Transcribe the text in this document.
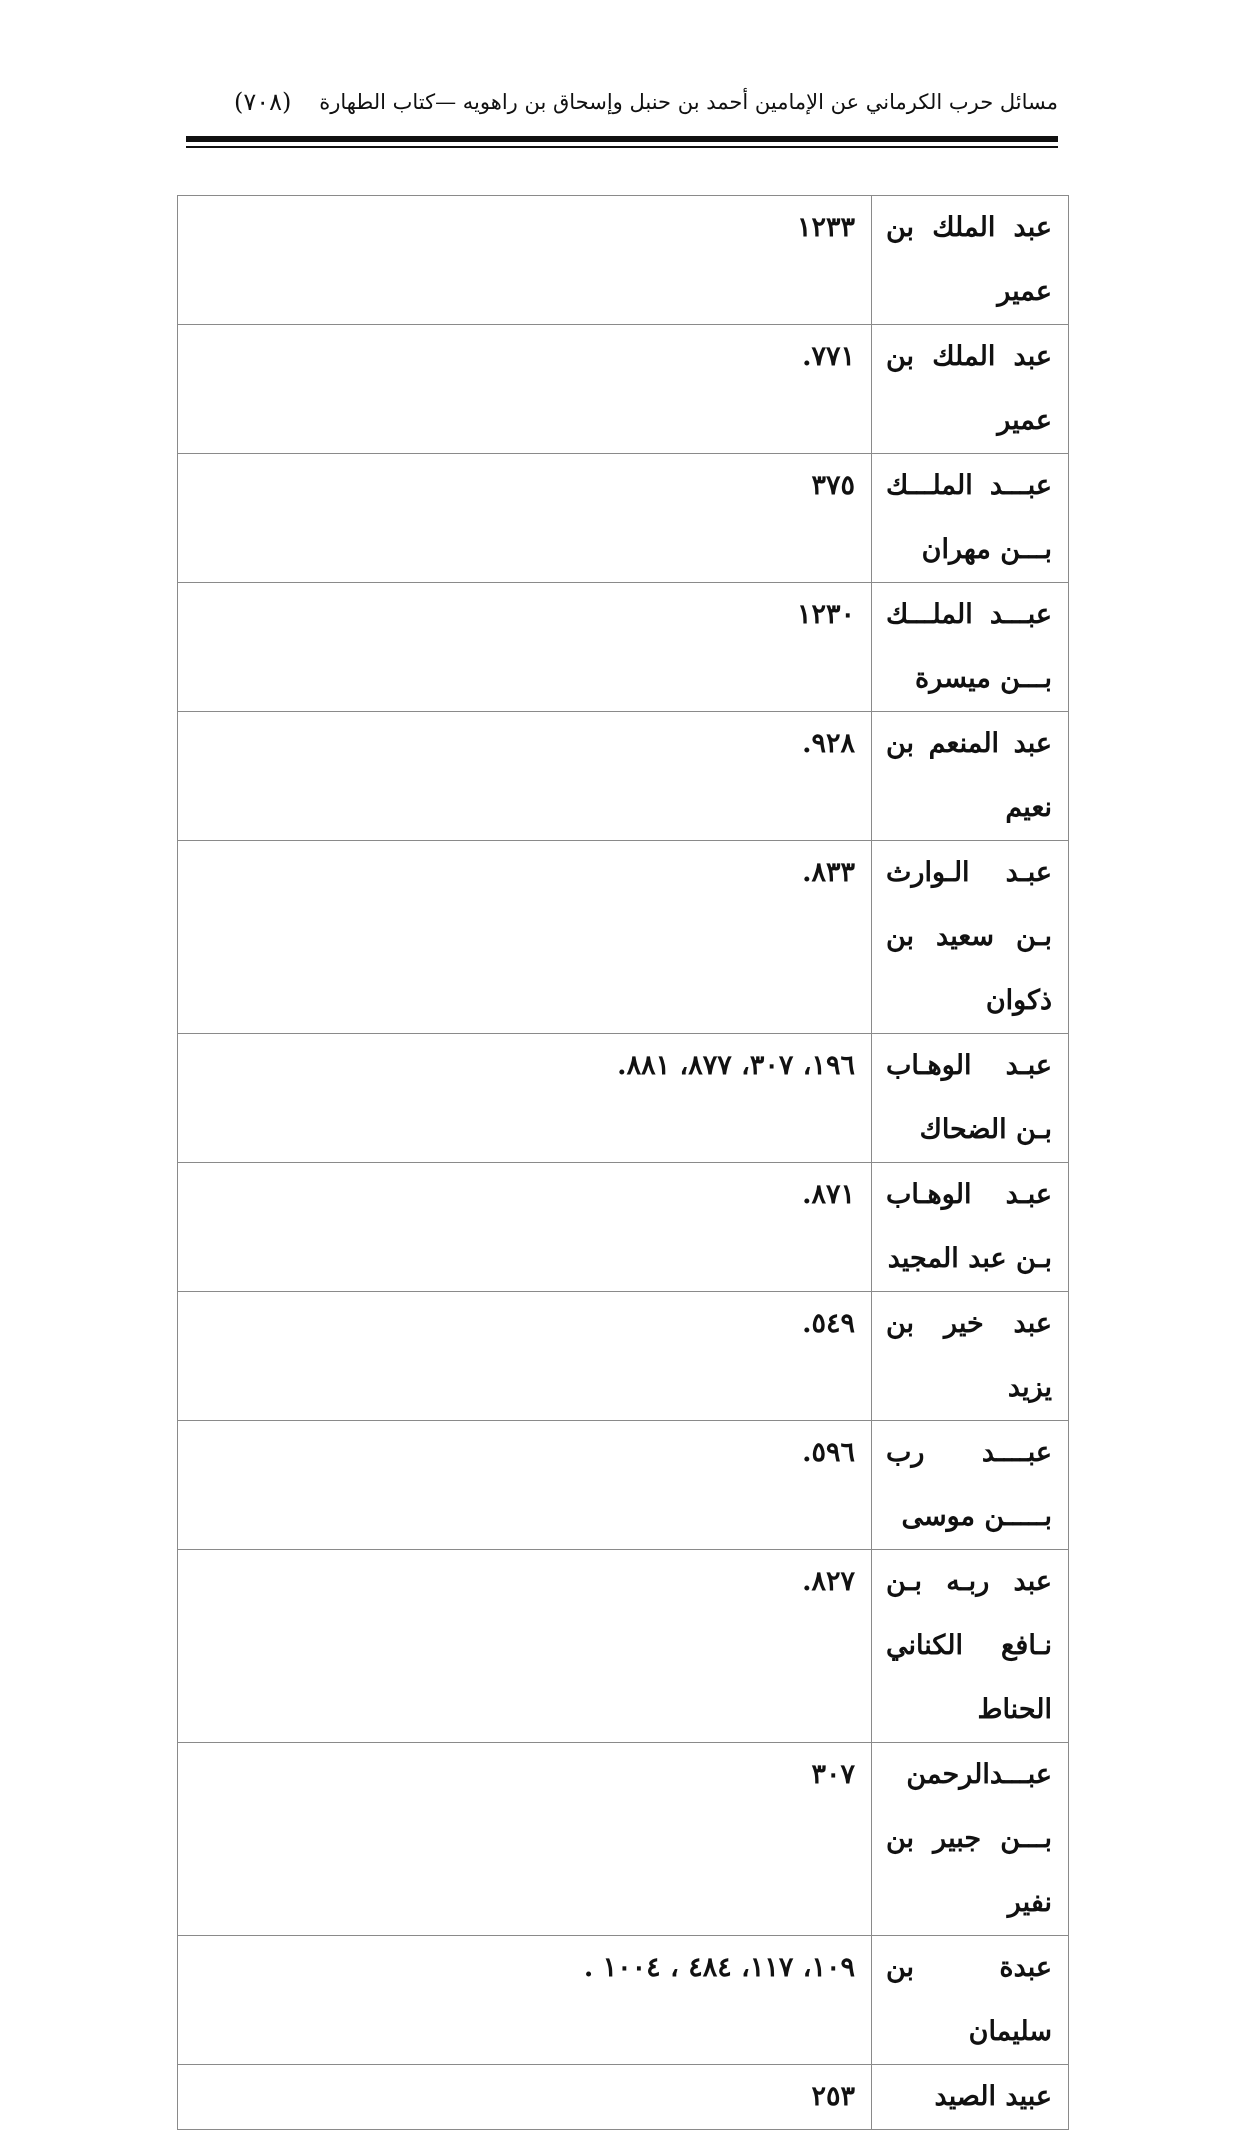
مسائل حرب الكرماني عن الإمامين أحمد بن حنبل وإسحاق بن راهويه —كتاب الطهارة
(٧٠٨)
عبد الملك بن عمير	١٢٣٣
عبد الملك بن عمير	٧٧١.
عبـــد الملـــك بـــن مهران	٣٧٥
عبـــد الملـــك بـــن ميسرة	١٢٣٠
عبد المنعم بن نعيم	٩٢٨.
عبـد الـوارث بـن سعيد بن ذكوان	٨٣٣.
عبـد الوهـاب بـن الضحاك	١٩٦، ٣٠٧، ٨٧٧، ٨٨١.
عبـد الوهـاب بـن عبد المجيد	٨٧١.
عبد خير بن يزيد	٥٤٩.
عبــــد رب بـــــن موسى	٥٩٦.
عبد ربـه بـن نـافع الكناني الحناط	٨٢٧.
عبـــدالرحمن بـــن جبير بن نفير	٣٠٧
عبدة بن سليمان	١٠٩، ١١٧، ٤٨٤ ، ١٠٠٤ .
عبيد الصيد	٢٥٣
